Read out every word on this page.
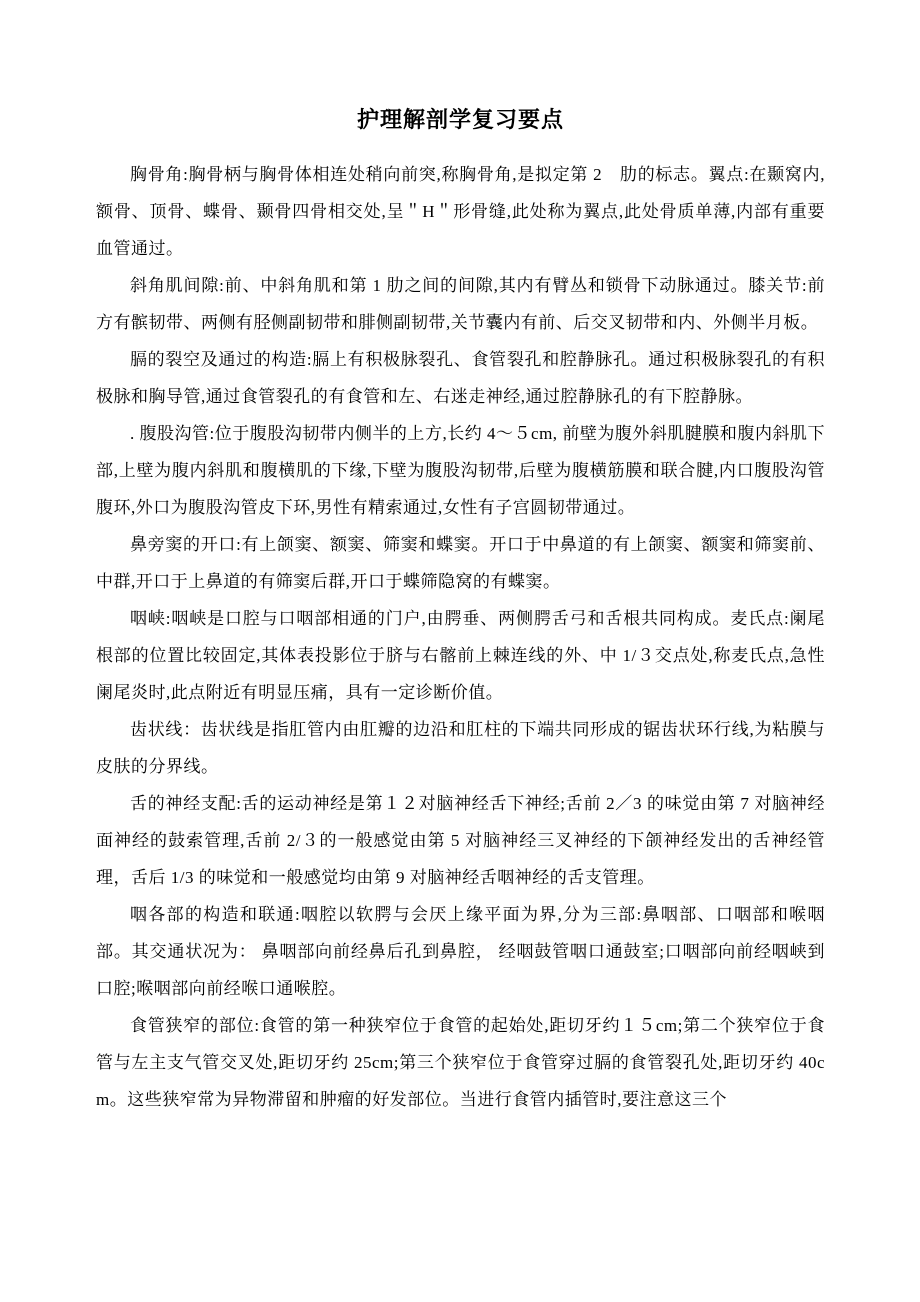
护理解剖学复习要点

胸骨角:胸骨柄与胸骨体相连处稍向前突,称胸骨角,是拟定第 2　肋的标志。翼点:在颞窝内,额骨、顶骨、蝶骨、颞骨四骨相交处,呈＂H＂形骨缝,此处称为翼点,此处骨质单薄,内部有重要血管通过。

斜角肌间隙:前、中斜角肌和第 1 肋之间的间隙,其内有臂丛和锁骨下动脉通过。膝关节:前方有髌韧带、两侧有胫侧副韧带和腓侧副韧带,关节囊内有前、后交叉韧带和内、外侧半月板。

膈的裂空及通过的构造:膈上有积极脉裂孔、食管裂孔和腔静脉孔。通过积极脉裂孔的有积极脉和胸导管,通过食管裂孔的有食管和左、右迷走神经,通过腔静脉孔的有下腔静脉。

. 腹股沟管:位于腹股沟韧带内侧半的上方,长约 4～５cm, 前壁为腹外斜肌腱膜和腹内斜肌下部,上壁为腹内斜肌和腹横肌的下缘,下壁为腹股沟韧带,后壁为腹横筋膜和联合腱,内口腹股沟管腹环,外口为腹股沟管皮下环,男性有精索通过,女性有子宫圆韧带通过。

鼻旁窦的开口:有上颌窦、额窦、筛窦和蝶窦。开口于中鼻道的有上颌窦、额窦和筛窦前、中群,开口于上鼻道的有筛窦后群,开口于蝶筛隐窝的有蝶窦。

咽峡:咽峡是口腔与口咽部相通的门户,由腭垂、两侧腭舌弓和舌根共同构成。麦氏点:阑尾根部的位置比较固定,其体表投影位于脐与右髂前上棘连线的外、中 1/３交点处,称麦氏点,急性阑尾炎时,此点附近有明显压痛，具有一定诊断价值。

齿状线：齿状线是指肛管内由肛瓣的边沿和肛柱的下端共同形成的锯齿状环行线,为粘膜与皮肤的分界线。

舌的神经支配:舌的运动神经是第１２对脑神经舌下神经;舌前 2／3 的味觉由第 7 对脑神经面神经的鼓索管理,舌前 2/３的一般感觉由第 5 对脑神经三叉神经的下颌神经发出的舌神经管理，舌后 1/3 的味觉和一般感觉均由第 9 对脑神经舌咽神经的舌支管理。

咽各部的构造和联通:咽腔以软腭与会厌上缘平面为界,分为三部:鼻咽部、口咽部和喉咽部。其交通状况为： 鼻咽部向前经鼻后孔到鼻腔， 经咽鼓管咽口通鼓室;口咽部向前经咽峡到口腔;喉咽部向前经喉口通喉腔。

食管狭窄的部位:食管的第一种狭窄位于食管的起始处,距切牙约１５cm;第二个狭窄位于食管与左主支气管交叉处,距切牙约 25cm;第三个狭窄位于食管穿过膈的食管裂孔处,距切牙约 40cm。这些狭窄常为异物滞留和肿瘤的好发部位。当进行食管内插管时,要注意这三个
